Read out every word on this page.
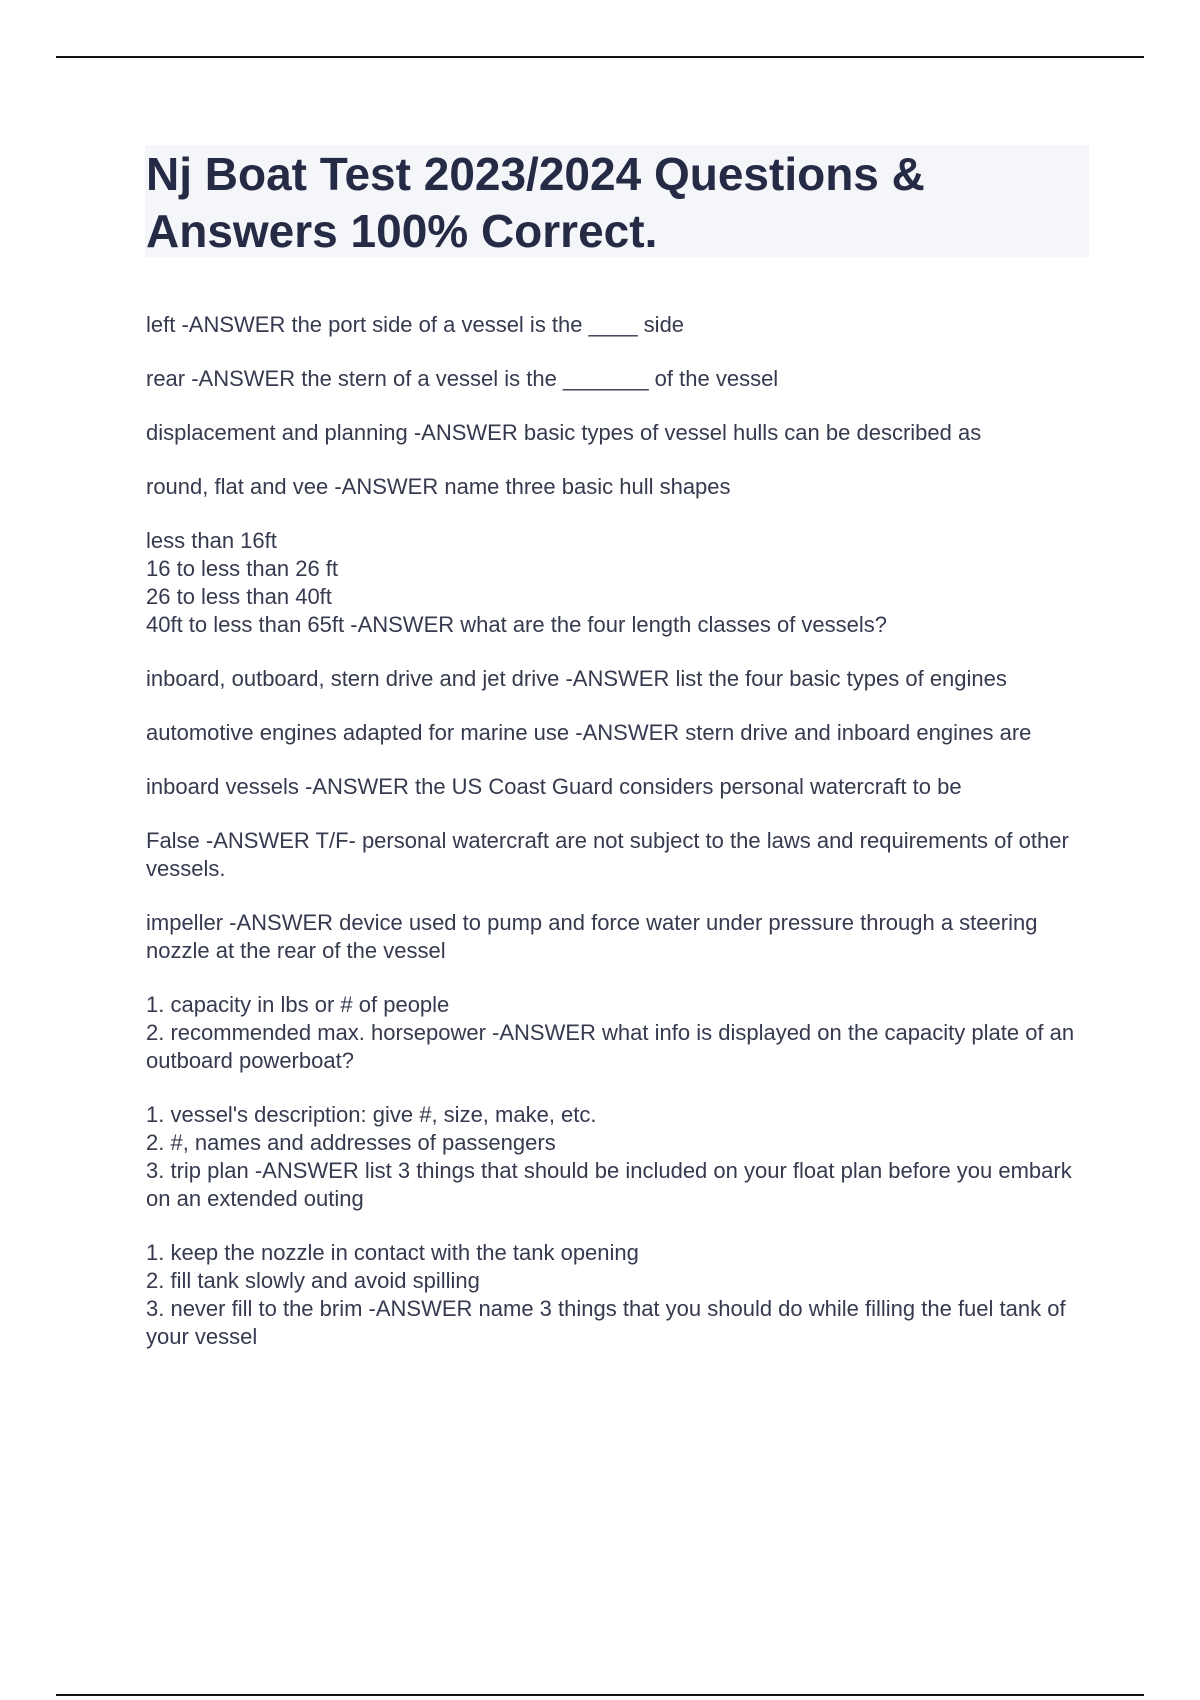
Nj Boat Test 2023/2024 Questions & Answers 100% Correct.
left -ANSWER the port side of a vessel is the ____ side
rear -ANSWER the stern of a vessel is the _______ of the vessel
displacement and planning -ANSWER basic types of vessel hulls can be described as
round, flat and vee -ANSWER name three basic hull shapes
less than 16ft
16 to less than 26 ft
26 to less than 40ft
40ft to less than 65ft -ANSWER what are the four length classes of vessels?
inboard, outboard, stern drive and jet drive -ANSWER list the four basic types of engines
automotive engines adapted for marine use -ANSWER stern drive and inboard engines are
inboard vessels -ANSWER the US Coast Guard considers personal watercraft to be
False -ANSWER T/F- personal watercraft are not subject to the laws and requirements of other vessels.
impeller -ANSWER device used to pump and force water under pressure through a steering nozzle at the rear of the vessel
1. capacity in lbs or # of people
2. recommended max. horsepower -ANSWER what info is displayed on the capacity plate of an outboard powerboat?
1. vessel's description: give #, size, make, etc.
2. #, names and addresses of passengers
3. trip plan -ANSWER list 3 things that should be included on your float plan before you embark on an extended outing
1. keep the nozzle in contact with the tank opening
2. fill tank slowly and avoid spilling
3. never fill to the brim -ANSWER name 3 things that you should do while filling the fuel tank of your vessel
